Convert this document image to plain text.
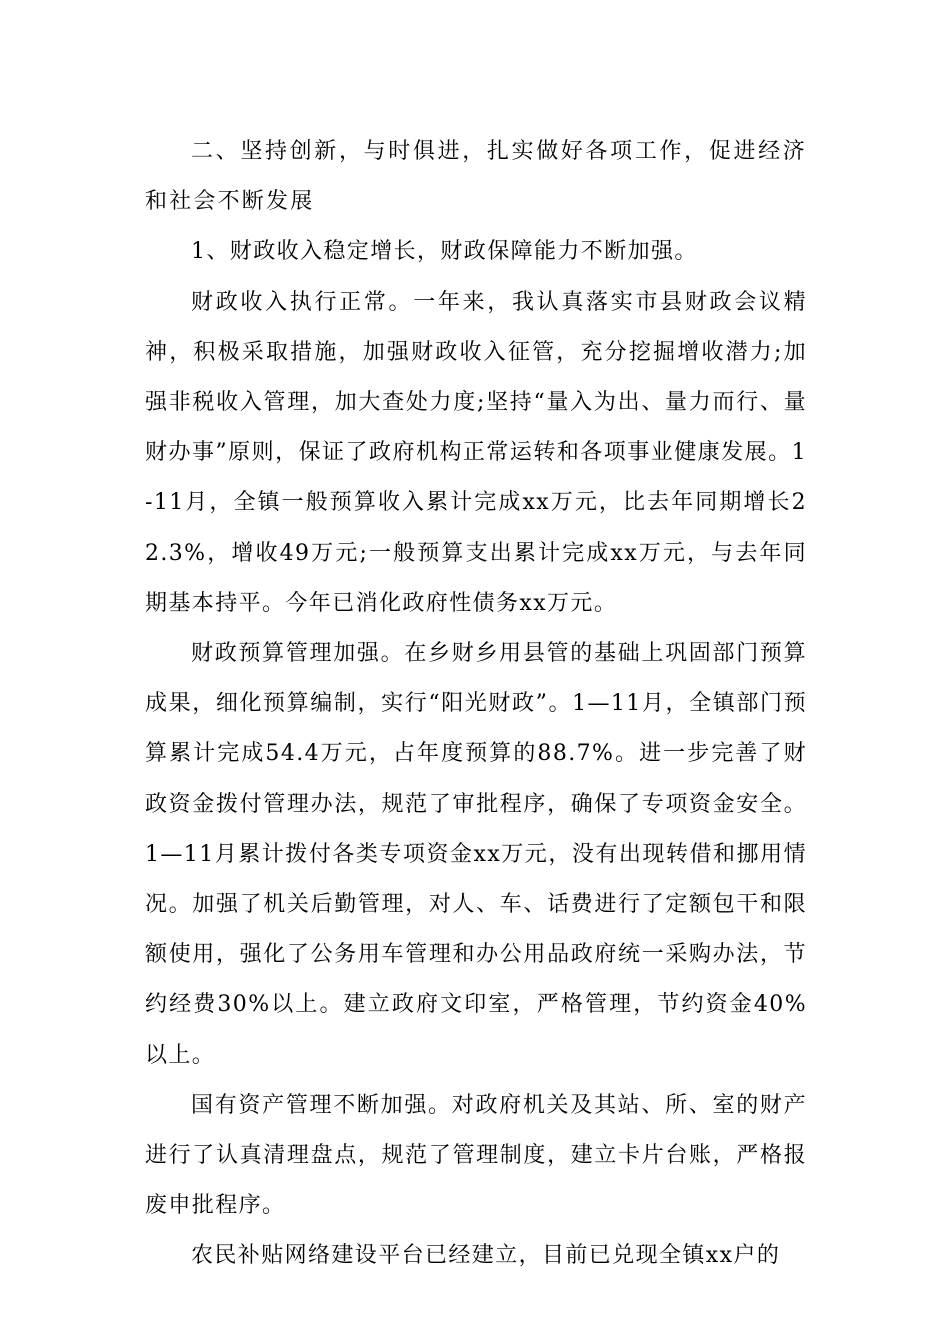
二、坚持创新，与时俱进，扎实做好各项工作，促进经济和社会不断发展

1、财政收入稳定增长，财政保障能力不断加强。

财政收入执行正常。一年来，我认真落实市县财政会议精神，积极采取措施，加强财政收入征管，充分挖掘增收潜力;加强非税收入管理，加大查处力度;坚持“量入为出、量力而行、量财办事”原则，保证了政府机构正常运转和各项事业健康发展。1-11月，全镇一般预算收入累计完成xx万元，比去年同期增长22.3%，增收49万元;一般预算支出累计完成xx万元，与去年同期基本持平。今年已消化政府性债务xx万元。

财政预算管理加强。在乡财乡用县管的基础上巩固部门预算成果，细化预算编制，实行“阳光财政”。1—11月，全镇部门预算累计完成54.4万元，占年度预算的88.7%。进一步完善了财政资金拨付管理办法，规范了审批程序，确保了专项资金安全。1—11月累计拨付各类专项资金xx万元，没有出现转借和挪用情况。加强了机关后勤管理，对人、车、话费进行了定额包干和限额使用，强化了公务用车管理和办公用品政府统一采购办法，节约经费30%以上。建立政府文印室，严格管理，节约资金40%以上。

国有资产管理不断加强。对政府机关及其站、所、室的财产进行了认真清理盘点，规范了管理制度，建立卡片台账，严格报废申批程序。

农民补贴网络建设平台已经建立，目前已兑现全镇xx户的
